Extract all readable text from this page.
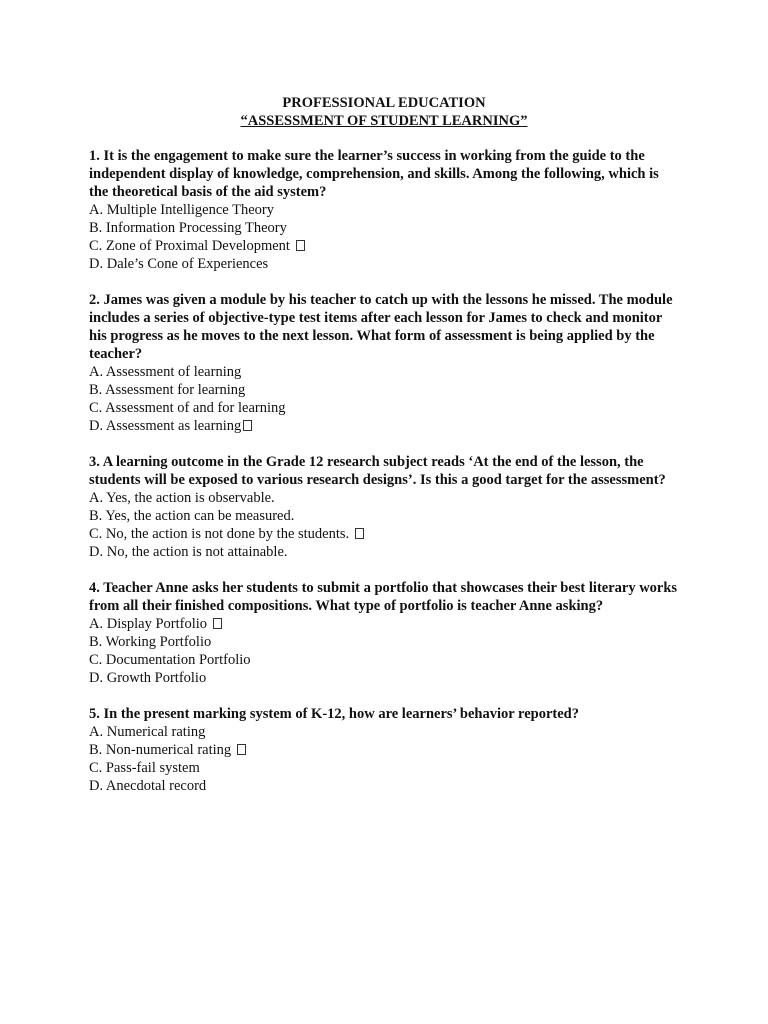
PROFESSIONAL EDUCATION
“ASSESSMENT OF STUDENT LEARNING”
1. It is the engagement to make sure the learner’s success in working from the guide to the independent display of knowledge, comprehension, and skills. Among the following, which is the theoretical basis of the aid system?
A. Multiple Intelligence Theory
B. Information Processing Theory
C. Zone of Proximal Development
D. Dale’s Cone of Experiences
2. James was given a module by his teacher to catch up with the lessons he missed. The module includes a series of objective-type test items after each lesson for James to check and monitor his progress as he moves to the next lesson. What form of assessment is being applied by the teacher?
A. Assessment of learning
B. Assessment for learning
C. Assessment of and for learning
D. Assessment as learning
3. A learning outcome in the Grade 12 research subject reads ‘At the end of the lesson, the students will be exposed to various research designs’. Is this a good target for the assessment?
A. Yes, the action is observable.
B. Yes, the action can be measured.
C. No, the action is not done by the students.
D. No, the action is not attainable.
4. Teacher Anne asks her students to submit a portfolio that showcases their best literary works from all their finished compositions. What type of portfolio is teacher Anne asking?
A. Display Portfolio
B. Working Portfolio
C. Documentation Portfolio
D. Growth Portfolio
5. In the present marking system of K-12, how are learners’ behavior reported?
A. Numerical rating
B. Non-numerical rating
C. Pass-fail system
D. Anecdotal record
